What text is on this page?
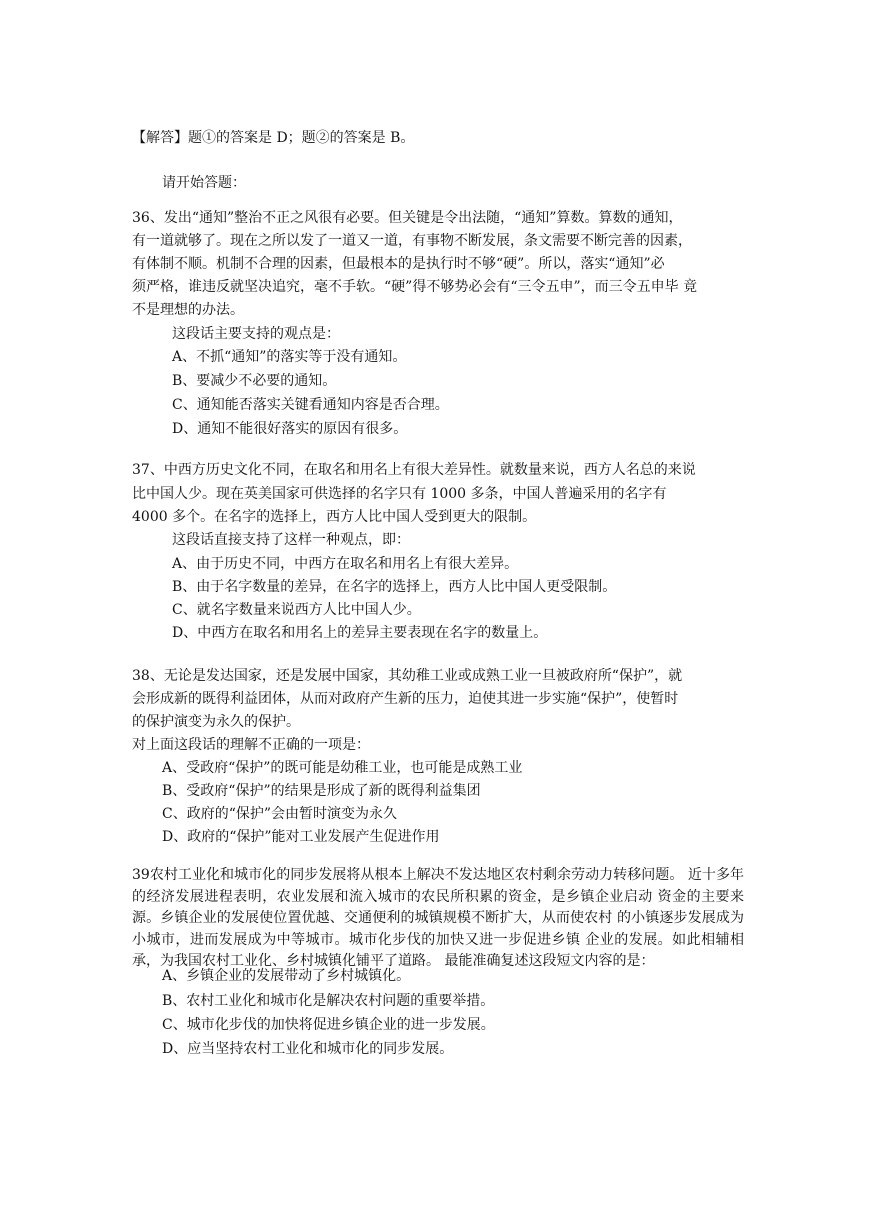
【解答】题①的答案是 D；题②的答案是 B。
请开始答题：
36、发出“通知”整治不正之风很有必要。但关键是令出法随，“通知”算数。算数的通知，
有一道就够了。现在之所以发了一道又一道，有事物不断发展，条文需要不断完善的因素，
有体制不顺。机制不合理的因素，但最根本的是执行时不够“硬”。所以，落实“通知”必
须严格，谁违反就坚决追究，毫不手软。“硬”得不够势必会有“三令五申”，而三令五申毕 竟
不是理想的办法。
这段话主要支持的观点是：
A、不抓“通知”的落实等于没有通知。
B、要减少不必要的通知。
C、通知能否落实关键看通知内容是否合理。
D、通知不能很好落实的原因有很多。
37、中西方历史文化不同，在取名和用名上有很大差异性。就数量来说，西方人名总的来说
比中国人少。现在英美国家可供选择的名字只有 1000 多条，中国人普遍采用的名字有
4000 多个。在名字的选择上，西方人比中国人受到更大的限制。
这段话直接支持了这样一种观点，即：
A、由于历史不同，中西方在取名和用名上有很大差异。
B、由于名字数量的差异，在名字的选择上，西方人比中国人更受限制。
C、就名字数量来说西方人比中国人少。
D、中西方在取名和用名上的差异主要表现在名字的数量上。
38、无论是发达国家，还是发展中国家，其幼稚工业或成熟工业一旦被政府所“保护”，就
会形成新的既得利益团体，从而对政府产生新的压力，迫使其进一步实施“保护”，使暂时
的保护演变为永久的保护。
对上面这段话的理解不正确的一项是：
A、受政府“保护”的既可能是幼稚工业，也可能是成熟工业
B、受政府“保护”的结果是形成了新的既得利益集团
C、政府的“保护”会由暂时演变为永久
D、政府的“保护”能对工业发展产生促进作用
39农村工业化和城市化的同步发展将从根本上解决不发达地区农村剩余劳动力转移问题。 近十多年的经济发展进程表明，农业发展和流入城市的农民所积累的资金，是乡镇企业启动 资金的主要来源。乡镇企业的发展使位置优越、交通便利的城镇规模不断扩大，从而使农村 的小镇逐步发展成为小城市，进而发展成为中等城市。城市化步伐的加快又进一步促进乡镇 企业的发展。如此相辅相承，为我国农村工业化、乡村城镇化铺平了道路。 最能准确复述这段短文内容的是：
A、乡镇企业的发展带动了乡村城镇化。
B、农村工业化和城市化是解决农村问题的重要举措。
C、城市化步伐的加快将促进乡镇企业的进一步发展。
D、应当坚持农村工业化和城市化的同步发展。
